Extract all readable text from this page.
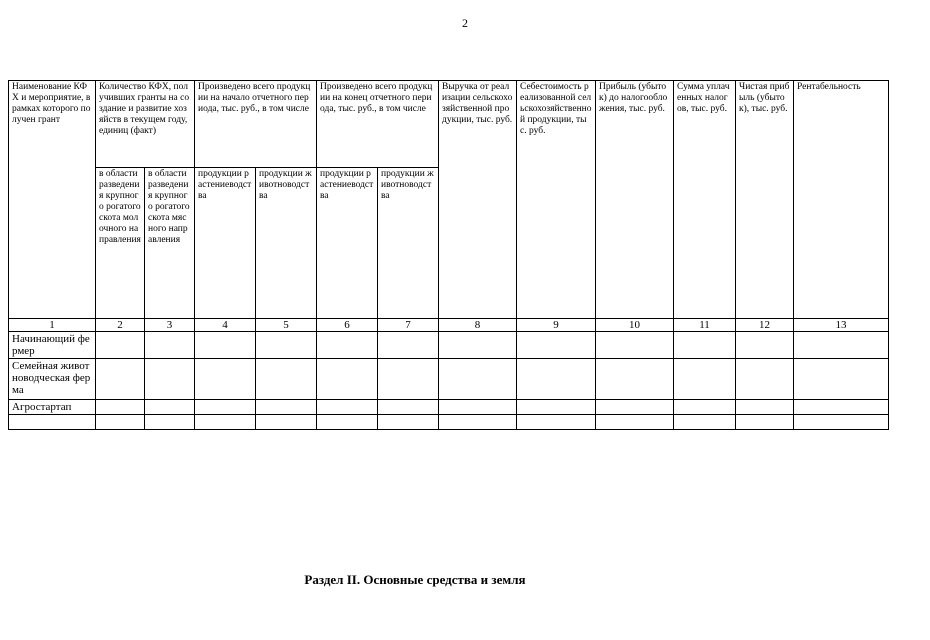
2
Наименование КФХ и мероприятие, в рамках которого получен грант	Количество КФХ, получивших гранты на создание и развитие хозяйств в текущем году, единиц (факт)		Произведено всего продукции на начало отчетного периода, тыс. руб., в том числе		Произведено всего продукции на конец отчетного периода, тыс. руб., в том числе		Выручка от реализации сельскохозяйственной продукции, тыс. руб.	Себестоимость реализованной сельскохозяйственной продукции, тыс. руб.	Прибыль (убыток) до налогообложения, тыс. руб.	Сумма уплаченных налогов, тыс. руб.	Чистая прибыль (убыток), тыс. руб.	Рентабельность
	в области разведения крупного рогатого скота молочного направления	в области разведения крупного рогатого скота мясного направления	продукции растениеводства	продукции животноводства	продукции растениеводства	продукции животноводства						
1	2	3	4	5	6	7	8	9	10	11	12	13
Начинающий фермер												
Семейная животноводческая ферма												
Агростартап												

Раздел II. Основные средства и земля
